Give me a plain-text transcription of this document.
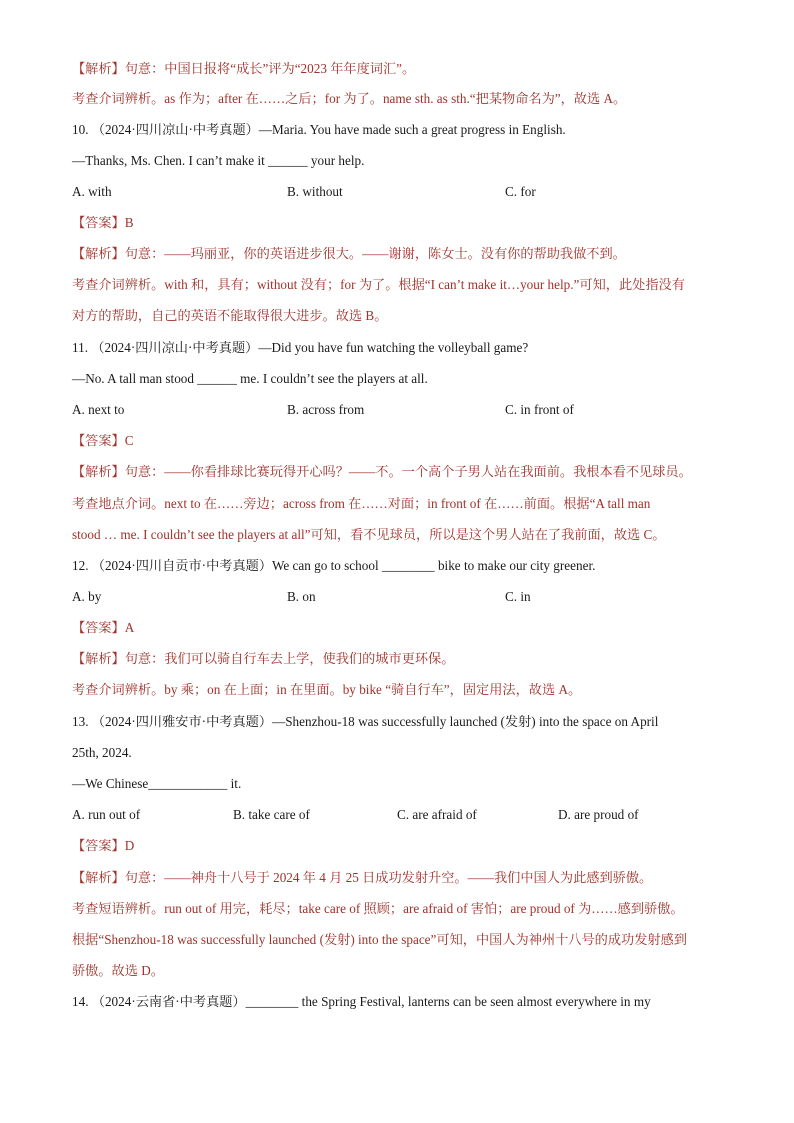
【解析】句意：中国日报将“成长”评为“2023 年年度词汇”。
考查介词辨析。as 作为；after 在……之后；for 为了。name sth. as sth.“把某物命名为”，故选 A。
10. （2024·四川凉山·中考真题）—Maria. You have made such a great progress in English.
—Thanks, Ms. Chen. I can’t make it ______ your help.
A. with	B. without	C. for
【答案】B
【解析】句意：——玛丽亚，你的英语进步很大。——谢谢，陈女士。没有你的帮助我做不到。
考查介词辨析。with 和，具有；without 没有；for 为了。根据“I can’t make it…your help.”可知，此处指没有
对方的帮助，自己的英语不能取得很大进步。故选 B。
11. （2024·四川凉山·中考真题）—Did you have fun watching the volleyball game?
—No. A tall man stood ______ me. I couldn’t see the players at all.
A. next to	B. across from	C. in front of
【答案】C
【解析】句意：——你看排球比赛玩得开心吗？——不。一个高个子男人站在我面前。我根本看不见球员。
考查地点介词。next to 在……旁边；across from 在……对面；in front of 在……前面。根据“A tall man
stood … me. I couldn’t see the players at all”可知，看不见球员，所以是这个男人站在了我前面，故选 C。
12. （2024·四川自贡市·中考真题）We can go to school ________ bike to make our city greener.
A. by	B. on	C. in
【答案】A
【解析】句意：我们可以骑自行车去上学，使我们的城市更环保。
考查介词辨析。by 乘；on 在上面；in 在里面。by bike “骑自行车”，固定用法，故选 A。
13. （2024·四川雅安市·中考真题）—Shenzhou-18 was successfully launched (发射) into the space on April
25th, 2024.
—We Chinese____________ it.
A. run out of	B. take care of	C. are afraid of	D. are proud of
【答案】D
【解析】句意：——神舟十八号于 2024 年 4 月 25 日成功发射升空。——我们中国人为此感到骄傲。
考查短语辨析。run out of 用完，耗尽；take care of 照顾；are afraid of 害怕；are proud of 为……感到骄傲。
根据“Shenzhou-18 was successfully launched (发射) into the space”可知，中国人为神州十八号的成功发射感到
骄傲。故选 D。
14. （2024·云南省·中考真题）________ the Spring Festival, lanterns can be seen almost everywhere in my
